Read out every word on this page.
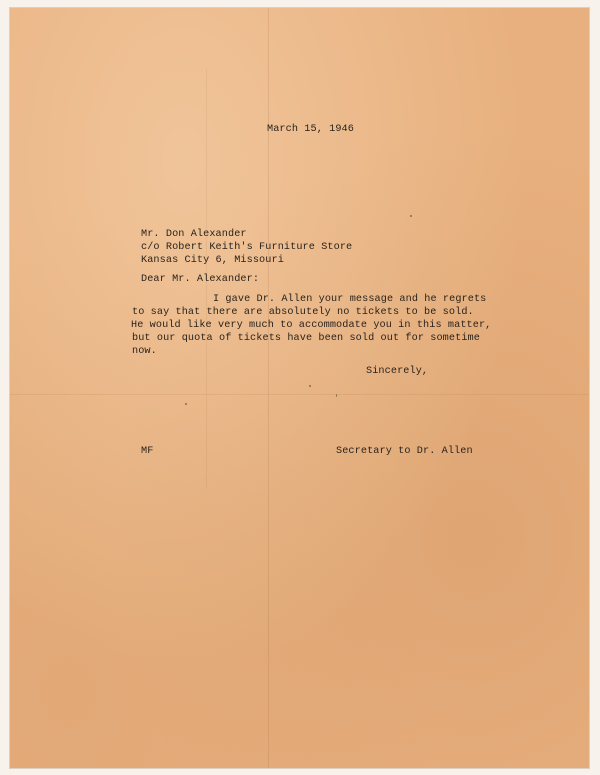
March 15, 1946
Mr. Don Alexander
c/o Robert Keith's Furniture Store
Kansas City 6, Missouri
Dear Mr. Alexander:
I gave Dr. Allen your message and he regrets
to say that there are absolutely no tickets to be sold.
He would like very much to accommodate you in this matter,
but our quota of tickets have been sold out for sometime
now.
Sincerely,
MF	Secretary to Dr. Allen
